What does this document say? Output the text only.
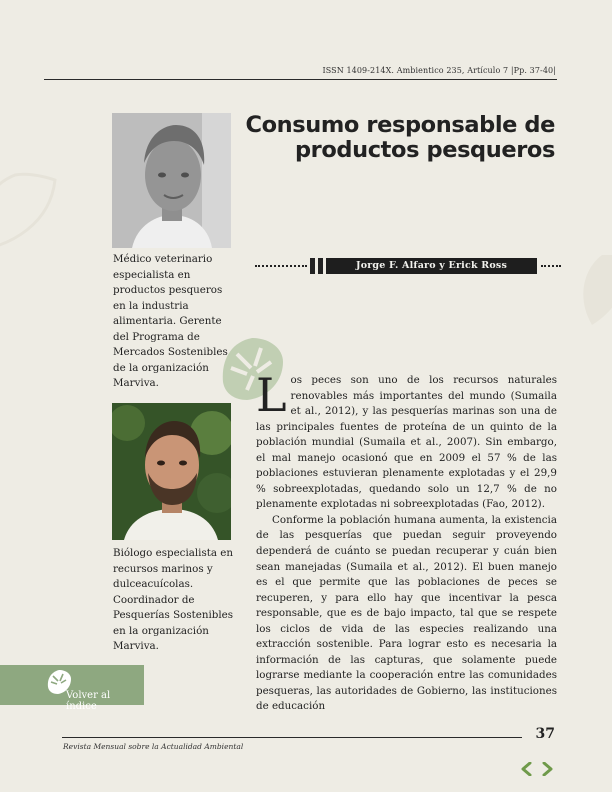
ISSN 1409-214X. Ambientico 235, Artículo 7 |Pp. 37-40|
Médico veterinario especialista en productos pesqueros en la industria alimentaria. Gerente del Programa de Mercados Sostenibles de la organización Marviva.
Biólogo especialista en recursos marinos y dulceacuícolas. Coordinador de Pesquerías Sostenibles en la organización Marviva.
Consumo responsable de
productos pesqueros
Jorge F. Alfaro y Erick Ross

Los peces son uno de los recursos naturales renovables más importantes del mundo (Sumaila et al., 2012), y las pesquerías marinas son una de las principales fuentes de proteína de un quinto de la población mundial (Sumaila et al., 2007). Sin embargo, el mal manejo ocasionó que en 2009 el 57 % de las poblaciones estuvieran plenamente explotadas y el 29,9 % sobreexplotadas, quedando solo un 12,7 % de no plenamente explotadas ni sobreexplotadas (Fao, 2012).

Conforme la población humana aumenta, la existencia de las pesquerías que puedan seguir proveyendo dependerá de cuánto se puedan recuperar y cuán bien sean manejadas (Sumaila et al., 2012). El buen manejo es el que permite que las poblaciones de peces se recuperen, y para ello hay que incentivar la pesca responsable, que es de bajo impacto, tal que se respete los ciclos de vida de las especies realizando una extracción sostenible. Para lograr esto es necesaria la información de las capturas, que solamente puede lograrse mediante la cooperación entre las comunidades pesqueras, las autoridades de Gobierno, las instituciones de educación

Volver al índice
37
Revista Mensual sobre la Actualidad Ambiental
